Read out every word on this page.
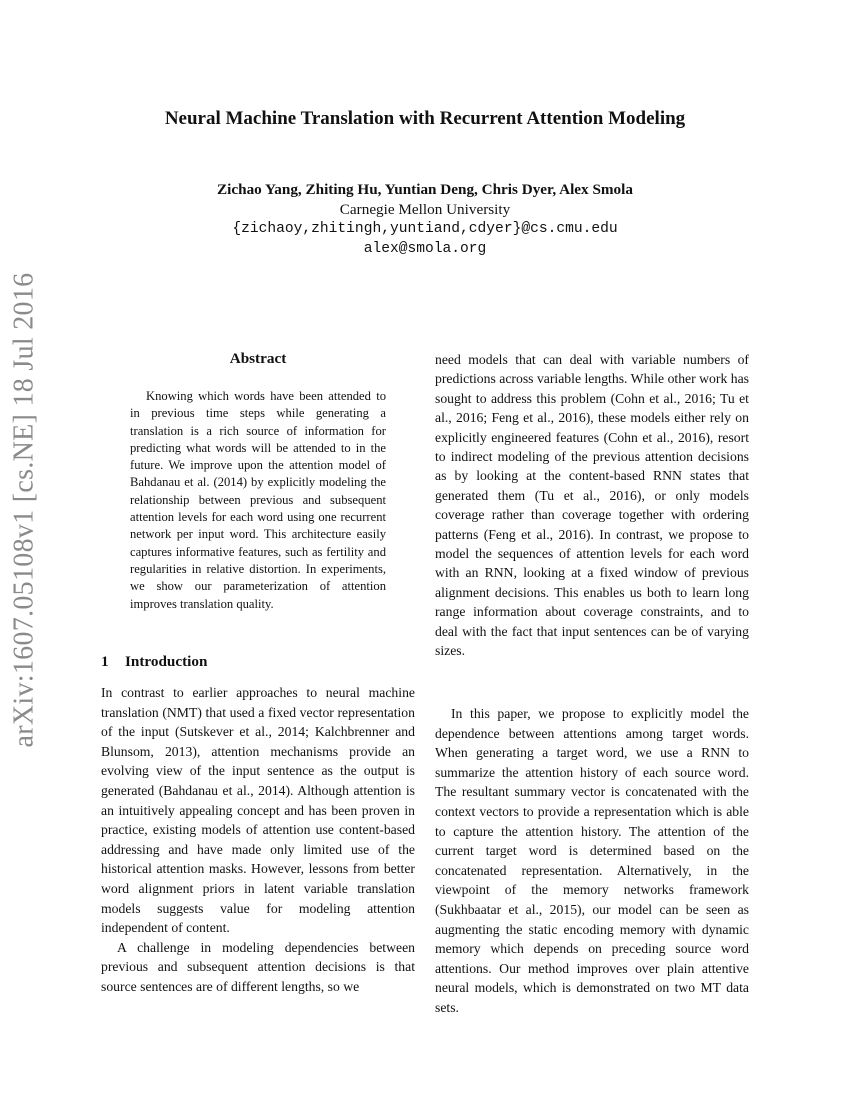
arXiv:1607.05108v1 [cs.NE] 18 Jul 2016
Neural Machine Translation with Recurrent Attention Modeling
Zichao Yang, Zhiting Hu, Yuntian Deng, Chris Dyer, Alex Smola
Carnegie Mellon University
{zichaoy,zhitingh,yuntiand,cdyer}@cs.cmu.edu
alex@smola.org
Abstract

Knowing which words have been attended to in previous time steps while generating a translation is a rich source of information for predicting what words will be attended to in the future. We improve upon the attention model of Bahdanau et al. (2014) by explicitly modeling the relationship between previous and subsequent attention levels for each word using one recurrent network per input word. This architecture easily captures informative features, such as fertility and regularities in relative distortion. In experiments, we show our parameterization of attention improves translation quality.

1 Introduction

In contrast to earlier approaches to neural machine translation (NMT) that used a fixed vector representation of the input (Sutskever et al., 2014; Kalchbrenner and Blunsom, 2013), attention mechanisms provide an evolving view of the input sentence as the output is generated (Bahdanau et al., 2014). Although attention is an intuitively appealing concept and has been proven in practice, existing models of attention use content-based addressing and have made only limited use of the historical attention masks. However, lessons from better word alignment priors in latent variable translation models suggests value for modeling attention independent of content.

A challenge in modeling dependencies between previous and subsequent attention decisions is that source sentences are of different lengths, so we

need models that can deal with variable numbers of predictions across variable lengths. While other work has sought to address this problem (Cohn et al., 2016; Tu et al., 2016; Feng et al., 2016), these models either rely on explicitly engineered features (Cohn et al., 2016), resort to indirect modeling of the previous attention decisions as by looking at the content-based RNN states that generated them (Tu et al., 2016), or only models coverage rather than coverage together with ordering patterns (Feng et al., 2016). In contrast, we propose to model the sequences of attention levels for each word with an RNN, looking at a fixed window of previous alignment decisions. This enables us both to learn long range information about coverage constraints, and to deal with the fact that input sentences can be of varying sizes.

In this paper, we propose to explicitly model the dependence between attentions among target words. When generating a target word, we use a RNN to summarize the attention history of each source word. The resultant summary vector is concatenated with the context vectors to provide a representation which is able to capture the attention history. The attention of the current target word is determined based on the concatenated representation. Alternatively, in the viewpoint of the memory networks framework (Sukhbaatar et al., 2015), our model can be seen as augmenting the static encoding memory with dynamic memory which depends on preceding source word attentions. Our method improves over plain attentive neural models, which is demonstrated on two MT data sets.
